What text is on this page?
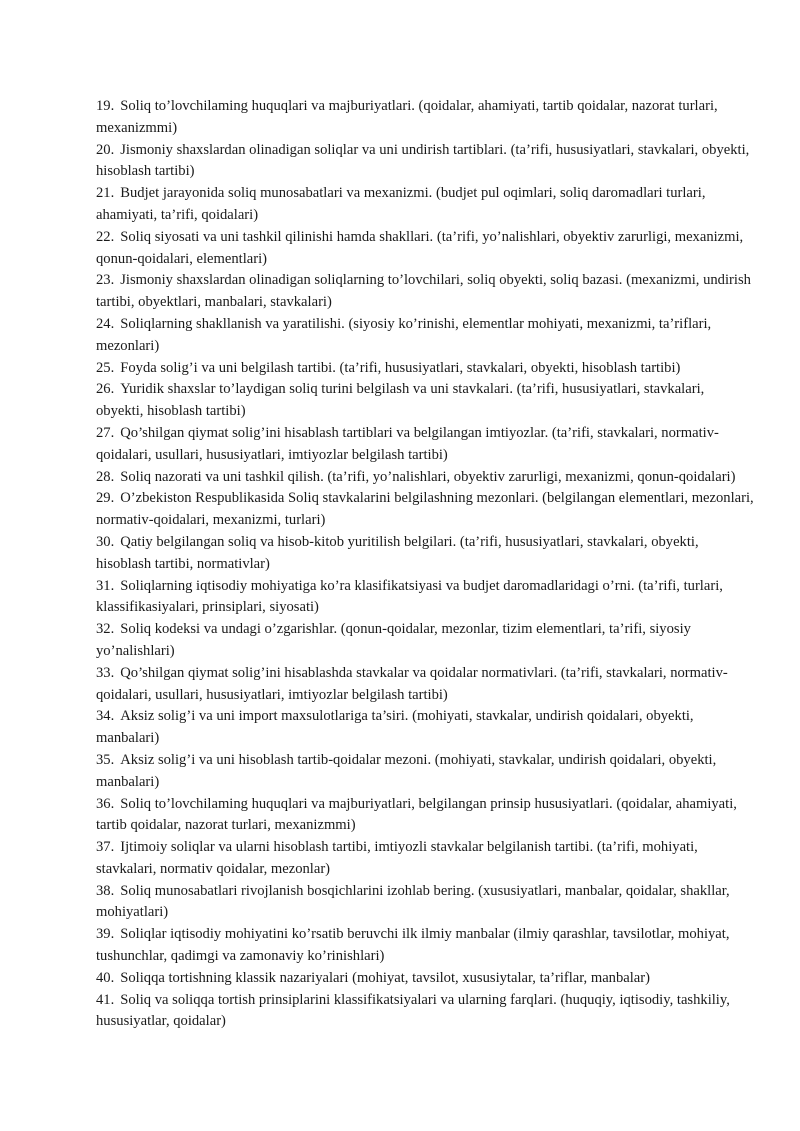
19. Soliq to’lovchilaming huquqlari va majburiyatlari. (qoidalar, ahamiyati, tartib qoidalar, nazorat turlari, mexanizmmi)

20. Jismoniy shaxslardan olinadigan soliqlar va uni undirish tartiblari. (ta’rifi, hususiyatlari, stavkalari, obyekti, hisoblash tartibi)

21. Budjet jarayonida soliq munosabatlari va mexanizmi. (budjet pul oqimlari, soliq daromadlari turlari, ahamiyati, ta’rifi, qoidalari)

22. Soliq siyosati va uni tashkil qilinishi hamda shakllari. (ta’rifi, yo’nalishlari, obyektiv zarurligi, mexanizmi, qonun-qoidalari, elementlari)

23. Jismoniy shaxslardan olinadigan soliqlarning to’lovchilari, soliq obyekti, soliq bazasi. (mexanizmi, undirish tartibi, obyektlari, manbalari, stavkalari)

24. Soliqlarning shakllanish va yaratilishi. (siyosiy ko’rinishi, elementlar mohiyati, mexanizmi, ta’riflari, mezonlari)

25. Foyda solig’i va uni belgilash tartibi. (ta’rifi, hususiyatlari, stavkalari, obyekti, hisoblash tartibi)

26. Yuridik shaxslar to’laydigan soliq turini belgilash va uni stavkalari. (ta’rifi, hususiyatlari, stavkalari, obyekti, hisoblash tartibi)

27. Qo’shilgan qiymat solig’ini hisablash tartiblari va belgilangan imtiyozlar. (ta’rifi, stavkalari, normativ-qoidalari, usullari, hususiyatlari, imtiyozlar belgilash tartibi)

28. Soliq nazorati va uni tashkil qilish. (ta’rifi, yo’nalishlari, obyektiv zarurligi, mexanizmi, qonun-qoidalari)

29. O’zbekiston Respublikasida Soliq stavkalarini belgilashning mezonlari. (belgilangan elementlari, mezonlari, normativ-qoidalari, mexanizmi, turlari)

30. Qatiy belgilangan soliq va hisob-kitob yuritilish belgilari. (ta’rifi, hususiyatlari, stavkalari, obyekti, hisoblash tartibi, normativlar)

31. Soliqlarning iqtisodiy mohiyatiga ko’ra klasifikatsiyasi va budjet daromadlaridagi o’rni. (ta’rifi, turlari, klassifikasiyalari, prinsiplari, siyosati)

32. Soliq kodeksi va undagi o’zgarishlar. (qonun-qoidalar, mezonlar, tizim elementlari, ta’rifi, siyosiy yo’nalishlari)

33. Qo’shilgan qiymat solig’ini hisablashda stavkalar va qoidalar normativlari. (ta’rifi, stavkalari, normativ-qoidalari, usullari, hususiyatlari, imtiyozlar belgilash tartibi)

34. Aksiz solig’i va uni import maxsulotlariga ta’siri. (mohiyati, stavkalar, undirish qoidalari, obyekti, manbalari)

35. Aksiz solig’i va uni hisoblash tartib-qoidalar mezoni. (mohiyati, stavkalar, undirish qoidalari, obyekti, manbalari)

36. Soliq to’lovchilaming huquqlari va majburiyatlari, belgilangan prinsip hususiyatlari. (qoidalar, ahamiyati, tartib qoidalar, nazorat turlari, mexanizmmi)

37. Ijtimoiy soliqlar va ularni hisoblash tartibi, imtiyozli stavkalar belgilanish tartibi. (ta’rifi, mohiyati, stavkalari, normativ qoidalar, mezonlar)

38. Soliq munosabatlari rivojlanish bosqichlarini izohlab bering. (xususiyatlari, manbalar, qoidalar, shakllar, mohiyatlari)

39. Soliqlar iqtisodiy mohiyatini ko’rsatib beruvchi ilk ilmiy manbalar (ilmiy qarashlar, tavsilotlar, mohiyat, tushunchlar, qadimgi va zamonaviy ko’rinishlari)

40. Soliqqa tortishning klassik nazariyalari (mohiyat, tavsilot, xususiytalar, ta’riflar, manbalar)

41. Soliq va soliqqa tortish prinsiplarini klassifikatsiyalari va ularning farqlari. (huquqiy, iqtisodiy, tashkiliy, hususiyatlar, qoidalar)
